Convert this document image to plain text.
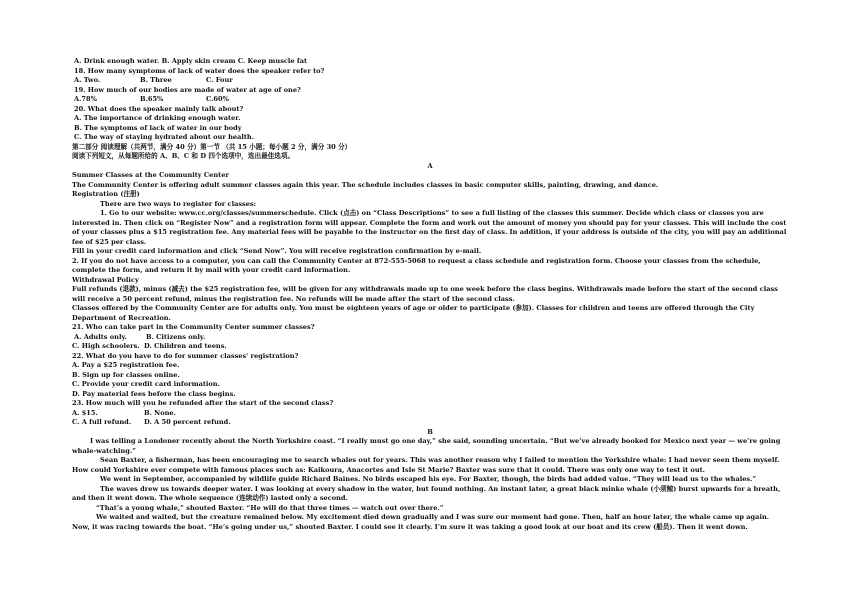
A. Drink enough water. B. Apply skin cream C. Keep muscle fat
18. How many symptoms of lack of water does the speaker refer to?
A. Two.	B. Three	C. Four
19. How much of our bodies are made of water at age of one?
A.78%	B.65%	C.60%
20. What does the speaker mainly talk about?
A. The importance of drinking enough water.
B. The symptoms of lack of water in our body
C. The way of staying hydrated about our health.
第二部分 阅读理解（共两节，满分 40 分）第一节 （共 15 小题；每小题 2 分，满分 30 分）
阅读下列短文，从每题所给的 A、B、C 和 D 四个选项中，选出最佳选项。
A
Summer Classes at the Community Center
The Community Center is offering adult summer classes again this year. The schedule includes classes in basic computer skills, painting, drawing, and dance.
Registration (注册)
There are two ways to register for classes:
1. Go to our website: www.cc.org/classes/summerschedule. Click (点击) on “Class Descriptions” to see a full listing of the classes this summer. Decide which class or classes you are interested in. Then click on “Register Now” and a registration form will appear. Complete the form and work out the amount of money you should pay for your classes. This will include the cost of your classes plus a $15 registration fee. Any material fees will be payable to the instructor on the first day of class. In addition, if your address is outside of the city, you will pay an additional fee of $25 per class.
Fill in your credit card information and click “Send Now”. You will receive registration confirmation by e-mail.
2. If you do not have access to a computer, you can call the Community Center at 872-555-5068 to request a class schedule and registration form. Choose your classes from the schedule, complete the form, and return it by mail with your credit card information.
Withdrawal Policy
Full refunds (退款), minus (减去) the $25 registration fee, will be given for any withdrawals made up to one week before the class begins. Withdrawals made before the start of the second class will receive a 50 percent refund, minus the registration fee. No refunds will be made after the start of the second class.
Classes offered by the Community Center are for adults only. You must be eighteen years of age or older to participate (参加). Classes for children and teens are offered through the City Department of Recreation.
21. Who can take part in the Community Center summer classes?
A. Adults only.	B. Citizens only.
C. High schoolers. D. Children and teens.
22. What do you have to do for summer classes' registration?
A. Pay a $25 registration fee.
B. Sign up for classes online.
C. Provide your credit card information.
D. Pay material fees before the class begins.
23. How much will you be refunded after the start of the second class?
A. $15.	B. None.
C. A full refund. D. A 50 percent refund.
B
I was telling a Londoner recently about the North Yorkshire coast. “I really must go one day,” she said, sounding uncertain. “But we’ve already booked for Mexico next year — we’re going whale-watching.”
Sean Baxter, a fisherman, has been encouraging me to search whales out for years. This was another reason why I failed to mention the Yorkshire whale: I had never seen them myself. How could Yorkshire ever compete with famous places such as: Kaikoura, Anacortes and Isle St Marie? Baxter was sure that it could. There was only one way to test it out.
We went in September, accompanied by wildlife guide Richard Baines. No birds escaped his eye. For Baxter, though, the birds had added value. “They will lead us to the whales.”
The waves drew us towards deeper water. I was looking at every shadow in the water, but found nothing. An instant later, a great black minke whale (小须鲸) burst upwards for a breath, and then it went down. The whole sequence (连续动作) lasted only a second.
“That’s a young whale,” shouted Baxter. “He will do that three times — watch out over there.”
We waited and waited, but the creature remained below. My excitement died down gradually and I was sure our moment had gone. Then, half an hour later, the whale came up again. Now, it was racing towards the boat. “He’s going under us,” shouted Baxter. I could see it clearly. I’m sure it was taking a good look at our boat and its crew (船员). Then it went down.
